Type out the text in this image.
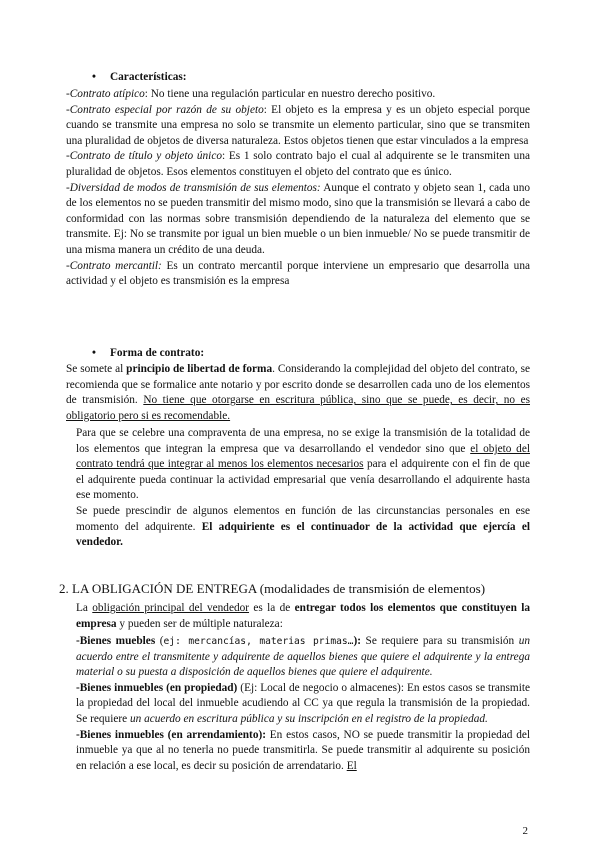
• Características:

-Contrato atípico: No tiene una regulación particular en nuestro derecho positivo.

-Contrato especial por razón de su objeto: El objeto es la empresa y es un objeto especial porque cuando se transmite una empresa no solo se transmite un elemento particular, sino que se transmiten una pluralidad de objetos de diversa naturaleza. Estos objetos tienen que estar vinculados a la empresa

-Contrato de título y objeto único: Es 1 solo contrato bajo el cual al adquirente se le transmiten una pluralidad de objetos. Esos elementos constituyen el objeto del contrato que es único.

-Diversidad de modos de transmisión de sus elementos: Aunque el contrato y objeto sean 1, cada uno de los elementos no se pueden transmitir del mismo modo, sino que la transmisión se llevará a cabo de conformidad con las normas sobre transmisión dependiendo de la naturaleza del elemento que se transmite. Ej: No se transmite por igual un bien mueble o un bien inmueble/ No se puede transmitir de una misma manera un crédito de una deuda.

-Contrato mercantil: Es un contrato mercantil porque interviene un empresario que desarrolla una actividad y el objeto es transmisión es la empresa

• Forma de contrato:

Se somete al principio de libertad de forma. Considerando la complejidad del objeto del contrato, se recomienda que se formalice ante notario y por escrito donde se desarrollen cada uno de los elementos de transmisión. No tiene que otorgarse en escritura pública, sino que se puede, es decir, no es obligatorio pero si es recomendable.

Para que se celebre una compraventa de una empresa, no se exige la transmisión de la totalidad de los elementos que integran la empresa que va desarrollando el vendedor sino que el objeto del contrato tendrá que integrar al menos los elementos necesarios para el adquirente con el fin de que el adquirente pueda continuar la actividad empresarial que venía desarrollando el adquirente hasta ese momento.

Se puede prescindir de algunos elementos en función de las circunstancias personales en ese momento del adquirente. El adquiriente es el continuador de la actividad que ejercía el vendedor.

2. LA OBLIGACIÓN DE ENTREGA (modalidades de transmisión de elementos)

La obligación principal del vendedor es la de entregar todos los elementos que constituyen la empresa y pueden ser de múltiple naturaleza:

-Bienes muebles (ej: mercancías, materias primas…): Se requiere para su transmisión un acuerdo entre el transmitente y adquirente de aquellos bienes que quiere el adquirente y la entrega material o su puesta a disposición de aquellos bienes que quiere el adquirente.

-Bienes inmuebles (en propiedad) (Ej: Local de negocio o almacenes): En estos casos se transmite la propiedad del local del inmueble acudiendo al CC ya que regula la transmisión de la propiedad. Se requiere un acuerdo en escritura pública y su inscripción en el registro de la propiedad.

-Bienes inmuebles (en arrendamiento): En estos casos, NO se puede transmitir la propiedad del inmueble ya que al no tenerla no puede transmitirla. Se puede transmitir al adquirente su posición en relación a ese local, es decir su posición de arrendatario. El

2
